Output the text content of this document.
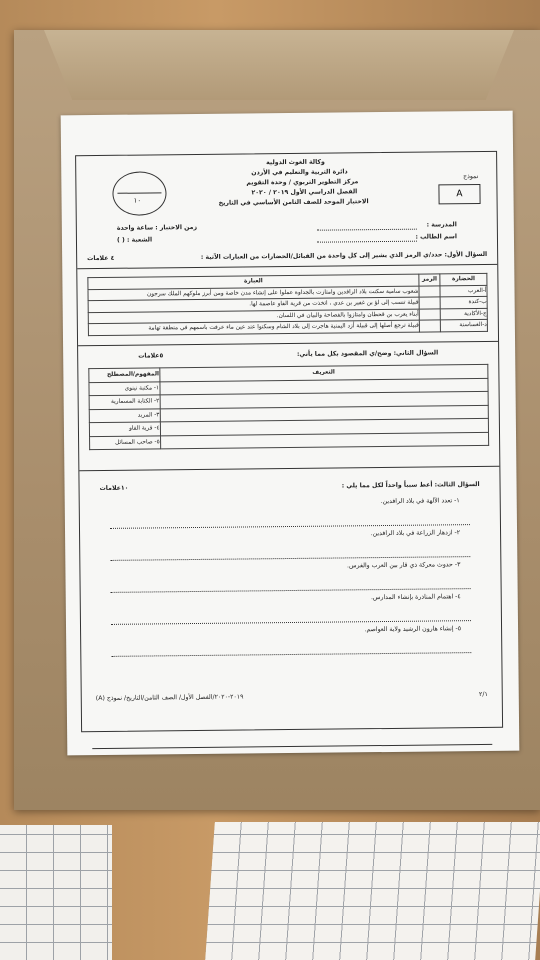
١٠
وكالة الغوث الدولية
دائرة التربية والتعليم في الأردن
مركز التطوير التربوي / وحدة التقويم
الفصل الدراسي الأول ٢٠١٩ / ٢٠٢٠
الاختبار الموحد للصف الثامن الأساسي في التاريخ
نموذج
A
المدرسة :
اسم الطالب :
زمن الاختبار : ساعة واحدة
الشعبة : ( )
السؤال الأول: حدد/ي الرمز الذي يشير إلى كل واحدة من القبائل/الحضارات من العبارات الآتية :
٤ علامات
العبارة	الرمز	الحضارة
شعوب سامية سكنت بلاد الرافدين وامتازت بالجداوة عملوا على إنشاء مدن خاصة ومن أبرز ملوكهم الملك سرجون		أ-العرب
قبيلة تنسب إلى لؤ بن غفير بن عدي ، اتخذت من قرية الفاو عاصمة لها.		ب-كندة
أبناء يعرب بن قحطان وامتازوا بالفصاحة والبيان في اللسان.		ج-الأكادية
قبيلة ترجع أصلها إلى قبيلة أزد اليمنية هاجرت إلى بلاد الشام وسكنوا عند عين ماء عرفت باسمهم في منطقة تهامة		د-الغساسنة
السؤال الثاني: وضح/ي المقصود بكل مما يأتي:
٥علامات
المفهوم/المصطلح	التعريف
١- مكتبة نينوى	
٢- الكتابة المسمارية	
٣- المربد	
٤- قرية الفاو	
٥- صاحب المسائل	
السؤال الثالث: أعط سبباً واحداً لكل مما يلي :
١٠علامات
١- تعدد الآلهة في بلاد الرافدين.
٢- ازدهار الزراعة في بلاد الرافدين.
٣- حدوث معركة ذي قار بين العرب والفرس.
٤- اهتمام المناذرة بإنشاء المدارس.
٥- إنشاء هارون الرشيد ولاية العواصم.
٢/١
٢٠١٩-٢٠٢٠/الفصل الأول/ الصف الثامن/التاريخ/ نموذج (A)
